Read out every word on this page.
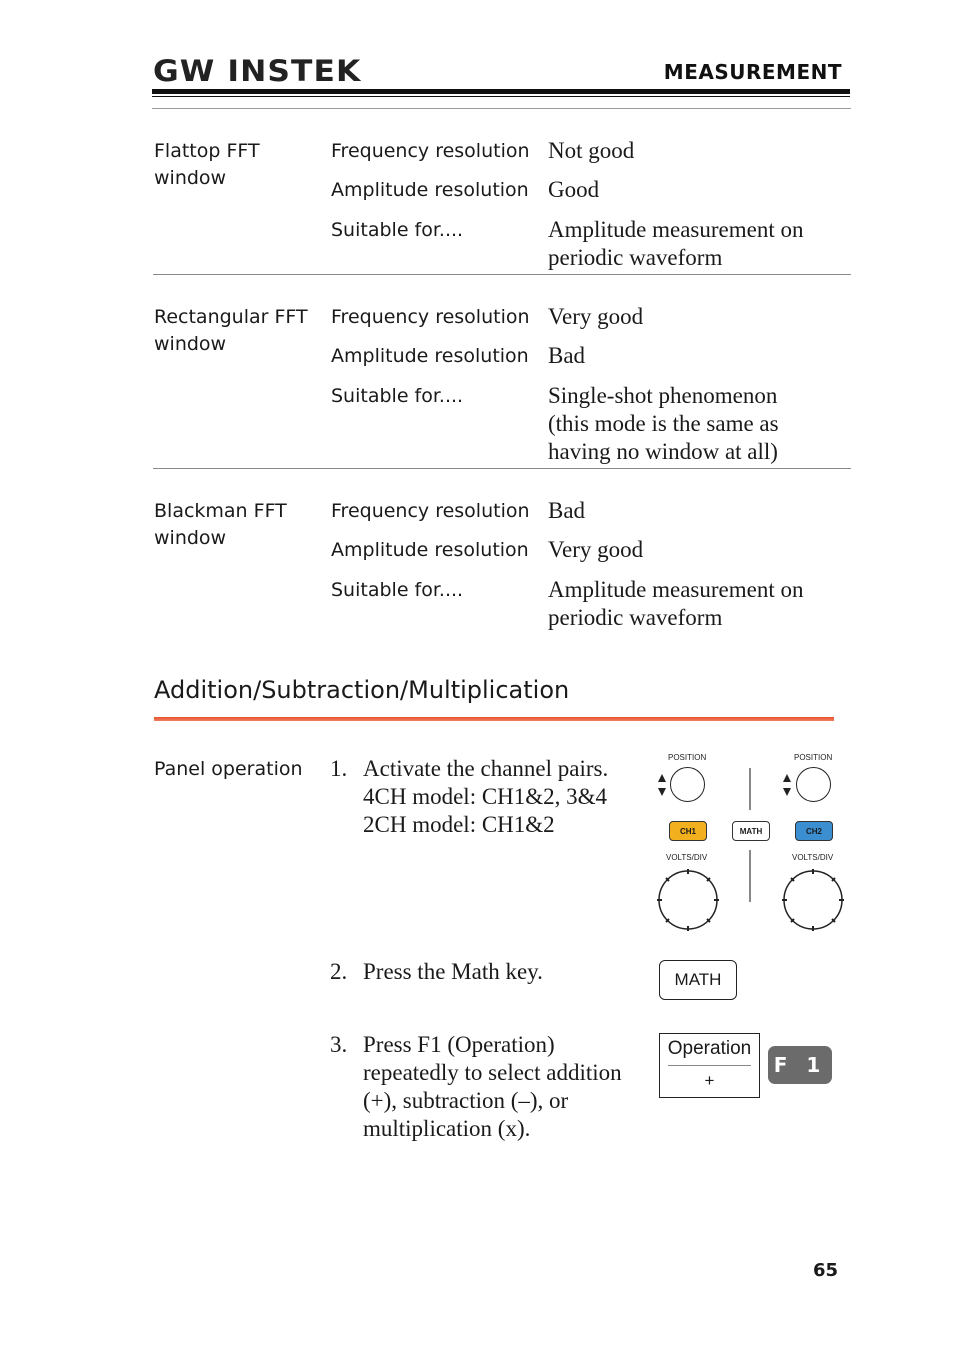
GW INSTEK	MEASUREMENT
Flattop FFT window
Frequency resolution Not good
Amplitude resolution Good
Suitable for....	Amplitude measurement on periodic waveform
Rectangular FFT window
Frequency resolution Very good
Amplitude resolution Bad
Suitable for....	Single-shot phenomenon (this mode is the same as having no window at all)
Blackman FFT window
Frequency resolution Bad
Amplitude resolution Very good
Suitable for....	Amplitude measurement on periodic waveform
Addition/Subtraction/Multiplication
Panel operation 1. Activate the channel pairs.
4CH model: CH1&2, 3&4
2CH model: CH1&2
2. Press the Math key.
3. Press F1 (Operation)
repeatedly to select addition
(+), subtraction (–), or
multiplication (x).
POSITION	POSITION
CH1	MATH	CH2
VOLTS/DIV	VOLTS/DIV
MATH
Operation
+
F 1
65
